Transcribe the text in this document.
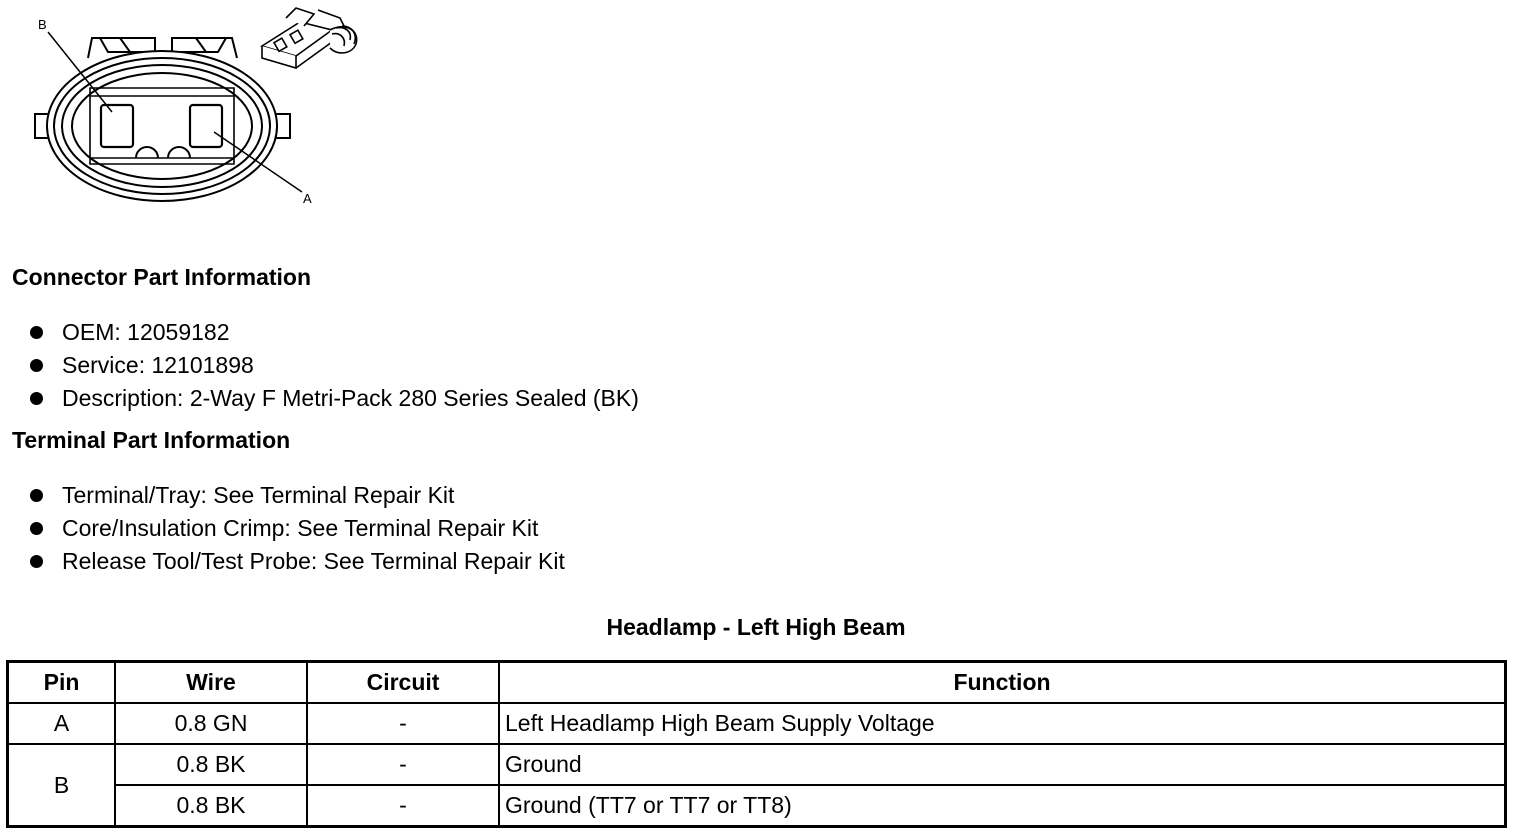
B
A
Connector Part Information
OEM: 12059182
Service: 12101898
Description: 2-Way F Metri-Pack 280 Series Sealed (BK)
Terminal Part Information
Terminal/Tray: See Terminal Repair Kit
Core/Insulation Crimp: See Terminal Repair Kit
Release Tool/Test Probe: See Terminal Repair Kit
Headlamp - Left High Beam
Pin	Wire	Circuit	Function
A	0.8 GN	-	Left Headlamp High Beam Supply Voltage
B	0.8 BK	-	Ground
	0.8 BK	-	Ground (TT7 or TT7 or TT8)
